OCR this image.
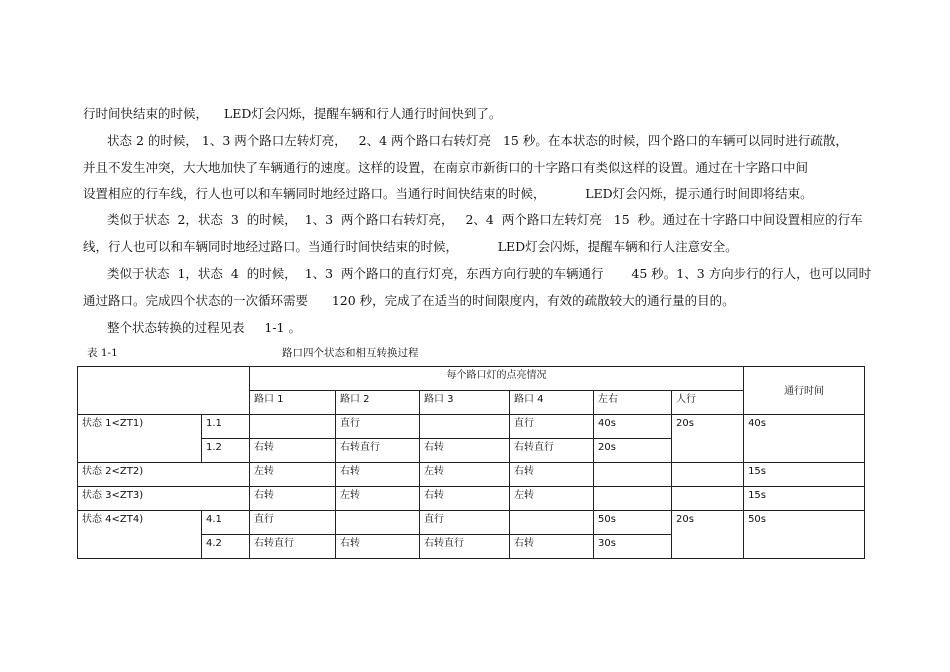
行时间快结束的时候，    LED灯会闪烁，提醒车辆和行人通行时间快到了。
状态 2 的时候， 1、3 两个路口左转灯亮，   2、4 两个路口右转灯亮   15 秒。在本状态的时候，四个路口的车辆可以同时进行疏散，
并且不发生冲突，大大地加快了车辆通行的速度。这样的设置，在南京市新街口的十字路口有类似这样的设置。通过在十字路口中间
设置相应的行车线，行人也可以和车辆同时地经过路口。当通行时间快结束的时候，          LED灯会闪烁，提示通行时间即将结束。
类似于状态  2，状态  3  的时候，  1、3  两个路口右转灯亮，   2、4  两个路口左转灯亮   15  秒。通过在十字路口中间设置相应的行车
线，行人也可以和车辆同时地经过路口。当通行时间快结束的时候，          LED灯会闪烁，提醒车辆和行人注意安全。
类似于状态  1，状态  4  的时候，  1、3  两个路口的直行灯亮，东西方向行驶的车辆通行       45 秒。1、3 方向步行的行人，也可以同时
通过路口。完成四个状态的一次循环需要      120 秒，完成了在适当的时间限度内，有效的疏散较大的通行量的目的。
整个状态转换的过程见表     1-1 。
表 1-1	路口四个状态和相互转换过程
		每个路口灯的点亮情况						通行时间
		路口 1	路口 2	路口 3	路口 4	左右	人行	
状态 1<ZT1)	1.1		直行		直行	40s	20s	40s
	1.2	右转	右转直行	右转	右转直行	20s		
状态 2<ZT2)		左转	右转	左转	右转			15s
状态 3<ZT3)		右转	左转	右转	左转			15s
状态 4<ZT4)	4.1	直行		直行		50s	20s	50s
	4.2	右转直行	右转	右转直行	右转	30s		
